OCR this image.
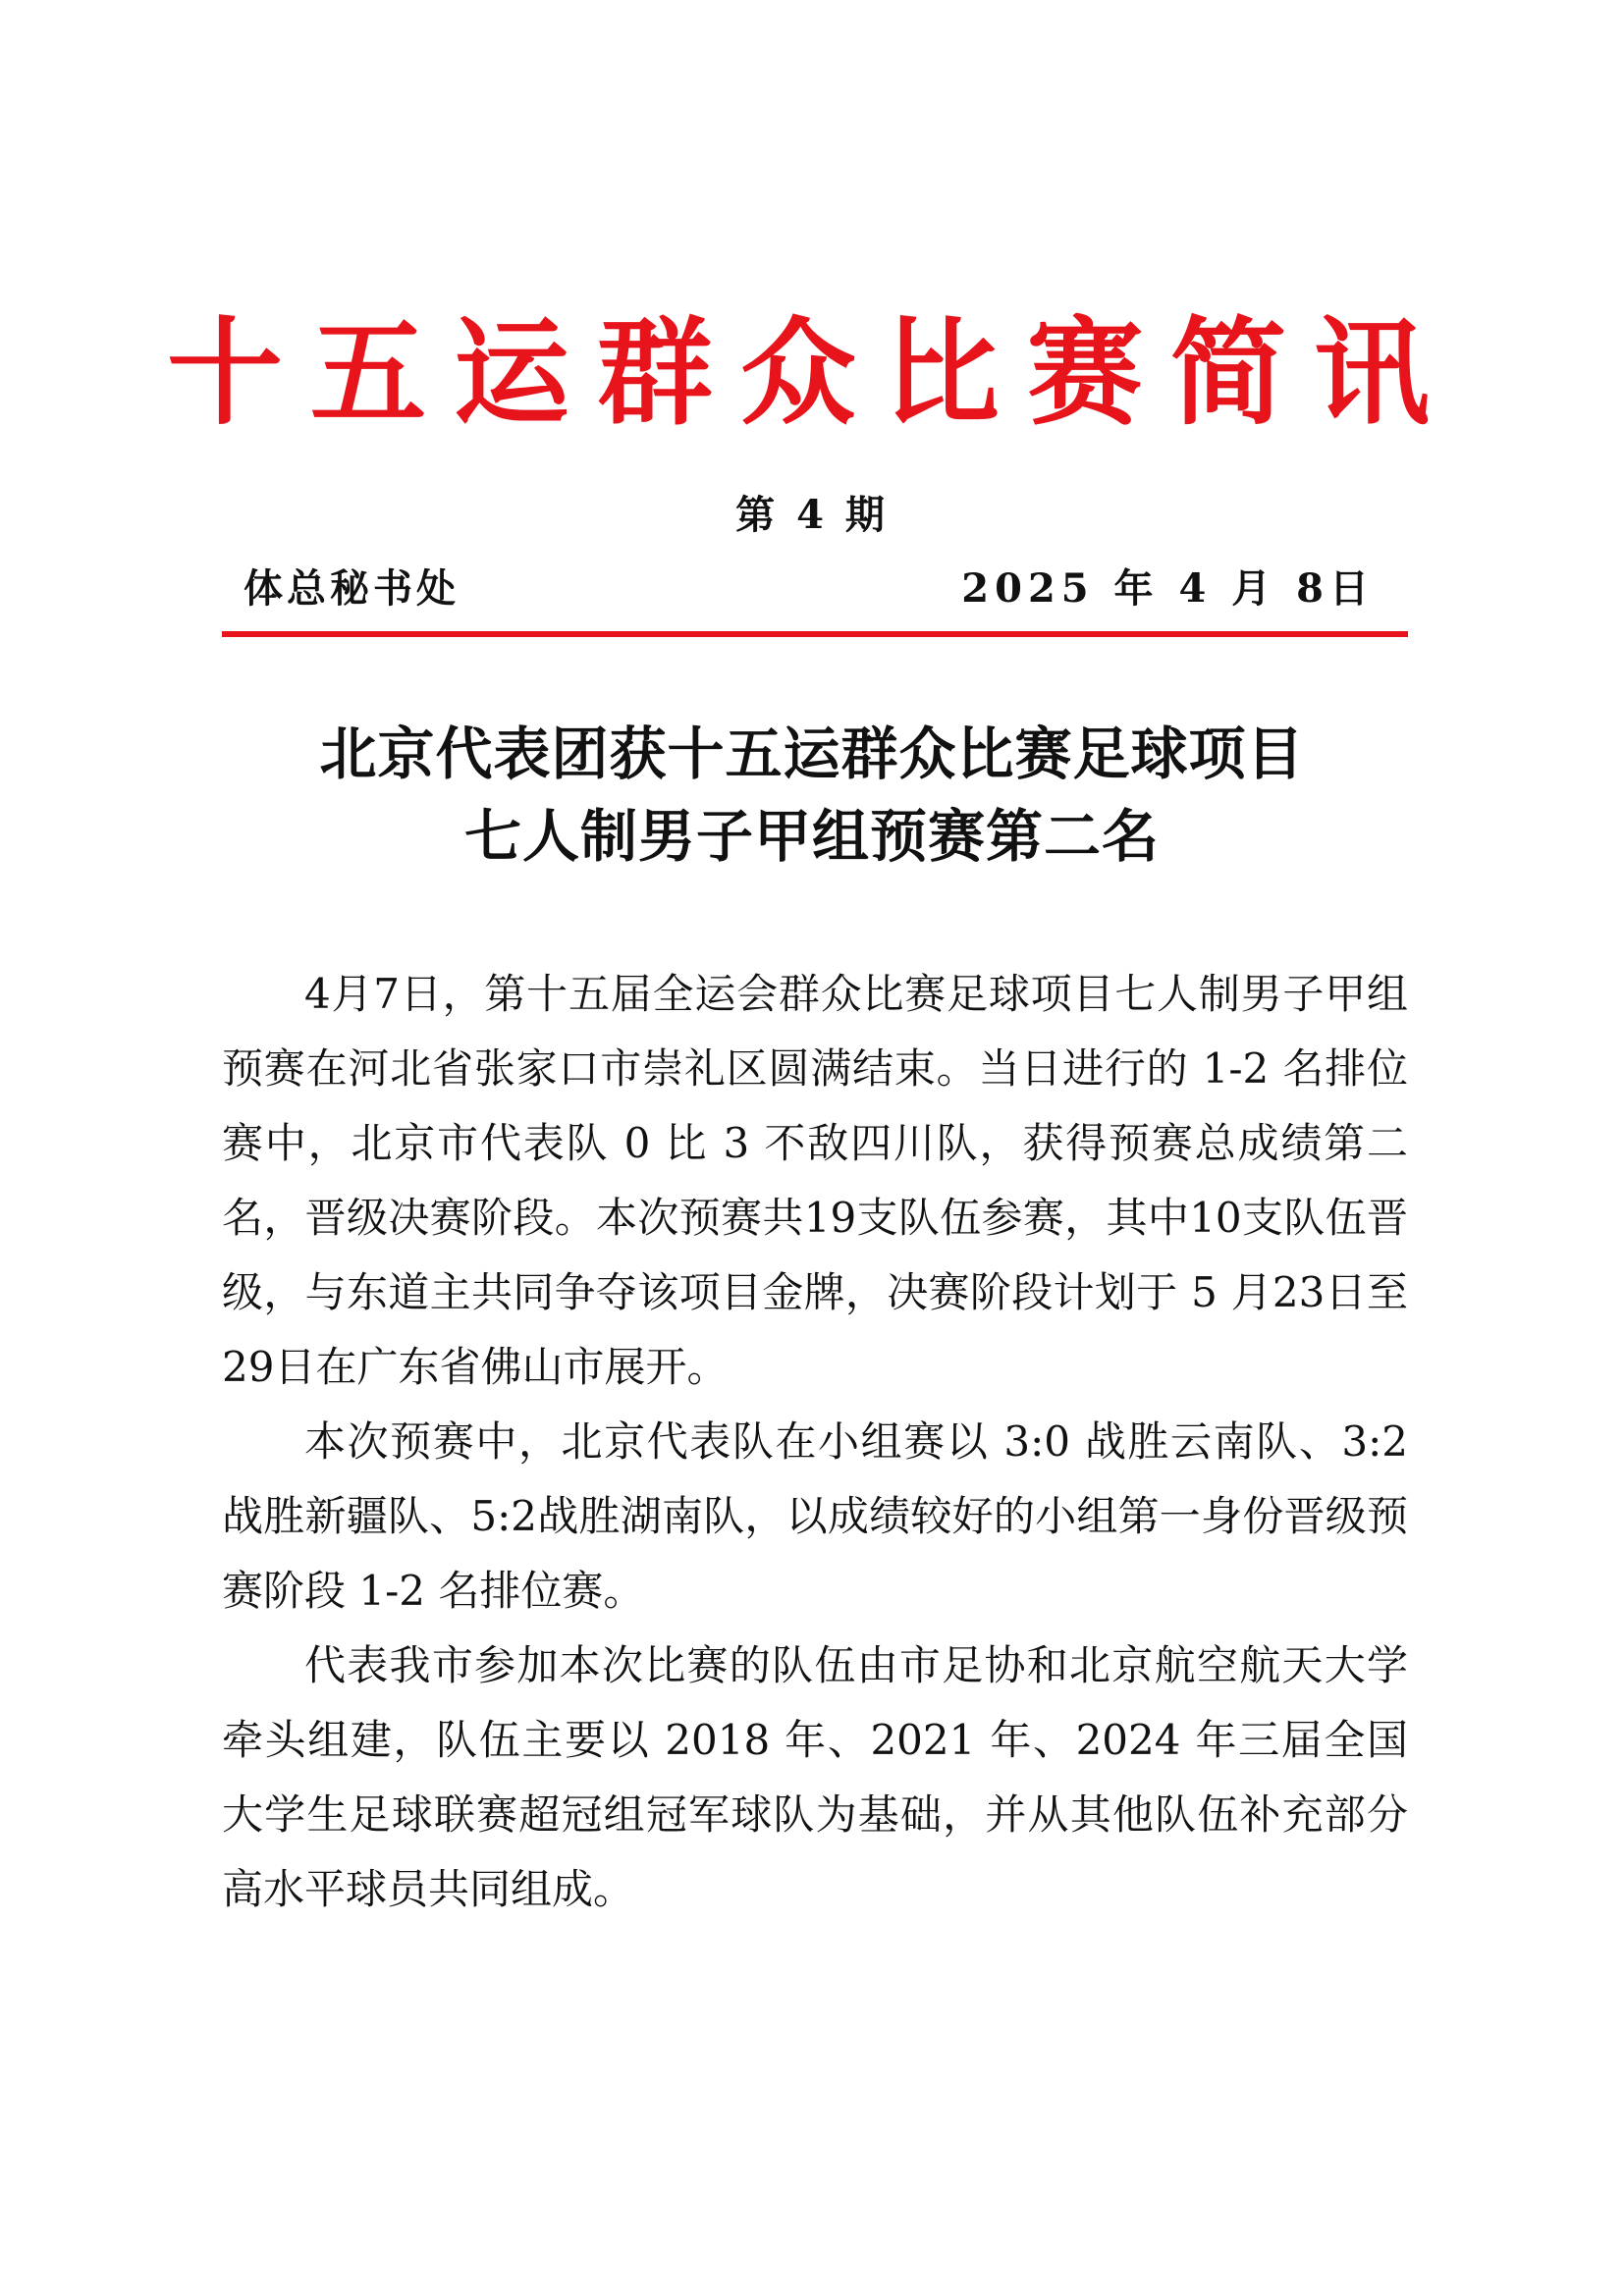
十五运群众比赛简讯
第 4 期
体总秘书处	2025 年 4 月 8日
北京代表团获十五运群众比赛足球项目
七人制男子甲组预赛第二名

4月7日，第十五届全运会群众比赛足球项目七人制男子甲组预赛在河北省张家口市崇礼区圆满结束。当日进行的 1-2 名排位赛中，北京市代表队 0 比 3 不敌四川队，获得预赛总成绩第二名，晋级决赛阶段。本次预赛共19支队伍参赛，其中10支队伍晋级，与东道主共同争夺该项目金牌，决赛阶段计划于 5 月23日至29日在广东省佛山市展开。

本次预赛中，北京代表队在小组赛以 3:0 战胜云南队、3:2 战胜新疆队、5:2战胜湖南队，以成绩较好的小组第一身份晋级预赛阶段 1-2 名排位赛。

代表我市参加本次比赛的队伍由市足协和北京航空航天大学牵头组建，队伍主要以 2018 年、2021 年、2024 年三届全国大学生足球联赛超冠组冠军球队为基础，并从其他队伍补充部分高水平球员共同组成。
